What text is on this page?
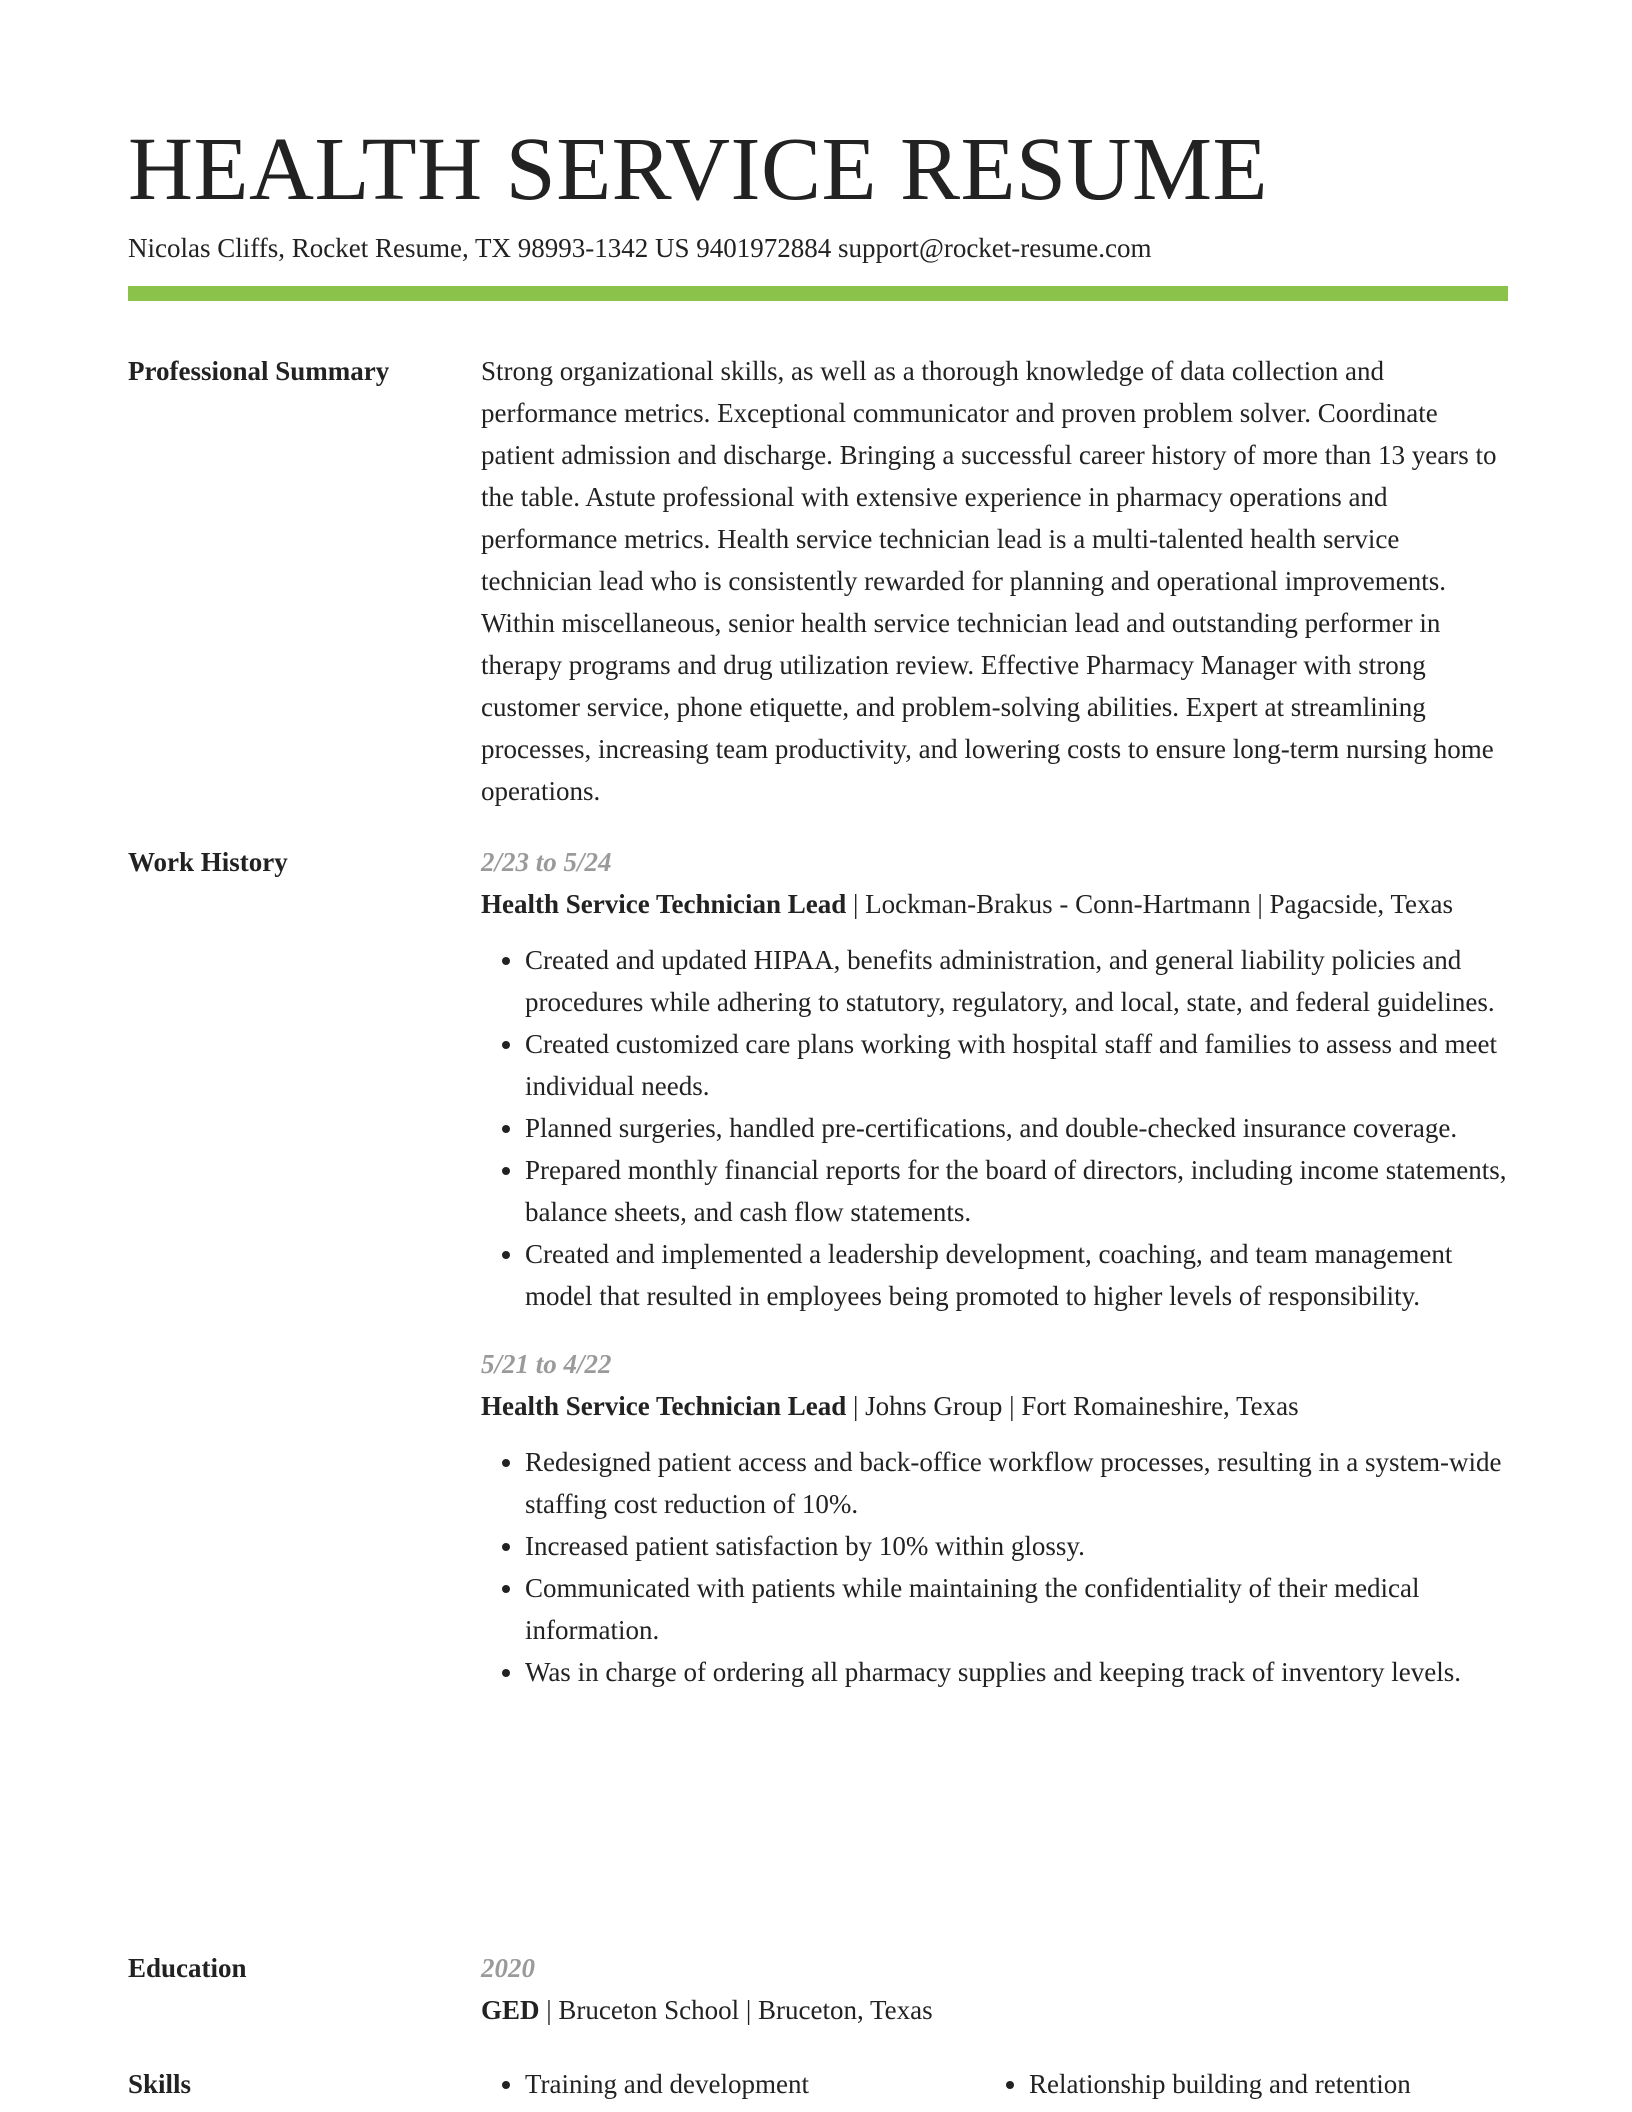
HEALTH SERVICE RESUME
Nicolas Cliffs, Rocket Resume, TX 98993-1342 US 9401972884 support@rocket-resume.com
Professional Summary	Strong organizational skills, as well as a thorough knowledge of data collection and performance metrics. Exceptional communicator and proven problem solver. Coordinate patient admission and discharge. Bringing a successful career history of more than 13 years to the table. Astute professional with extensive experience in pharmacy operations and performance metrics. Health service technician lead is a multi-talented health service technician lead who is consistently rewarded for planning and operational improvements. Within miscellaneous, senior health service technician lead and outstanding performer in therapy programs and drug utilization review. Effective Pharmacy Manager with strong customer service, phone etiquette, and problem-solving abilities. Expert at streamlining processes, increasing team productivity, and lowering costs to ensure long-term nursing home operations.

Work History	2/23 to 5/24

Health Service Technician Lead | Lockman-Brakus - Conn-Hartmann | Pagacside, Texas

• Created and updated HIPAA, benefits administration, and general liability policies and procedures while adhering to statutory, regulatory, and local, state, and federal guidelines.
• Created customized care plans working with hospital staff and families to assess and meet individual needs.
• Planned surgeries, handled pre-certifications, and double-checked insurance coverage.
• Prepared monthly financial reports for the board of directors, including income statements, balance sheets, and cash flow statements.
• Created and implemented a leadership development, coaching, and team management model that resulted in employees being promoted to higher levels of responsibility.
5/21 to 4/22

Health Service Technician Lead | Johns Group | Fort Romaineshire, Texas

• Redesigned patient access and back-office workflow processes, resulting in a system-wide staffing cost reduction of 10%.
• Increased patient satisfaction by 10% within glossy.
• Communicated with patients while maintaining the confidentiality of their medical information.
• Was in charge of ordering all pharmacy supplies and keeping track of inventory levels.
Education	2020

GED | Bruceton School | Bruceton, Texas

Skills	• Training and development	• Relationship building and retention
